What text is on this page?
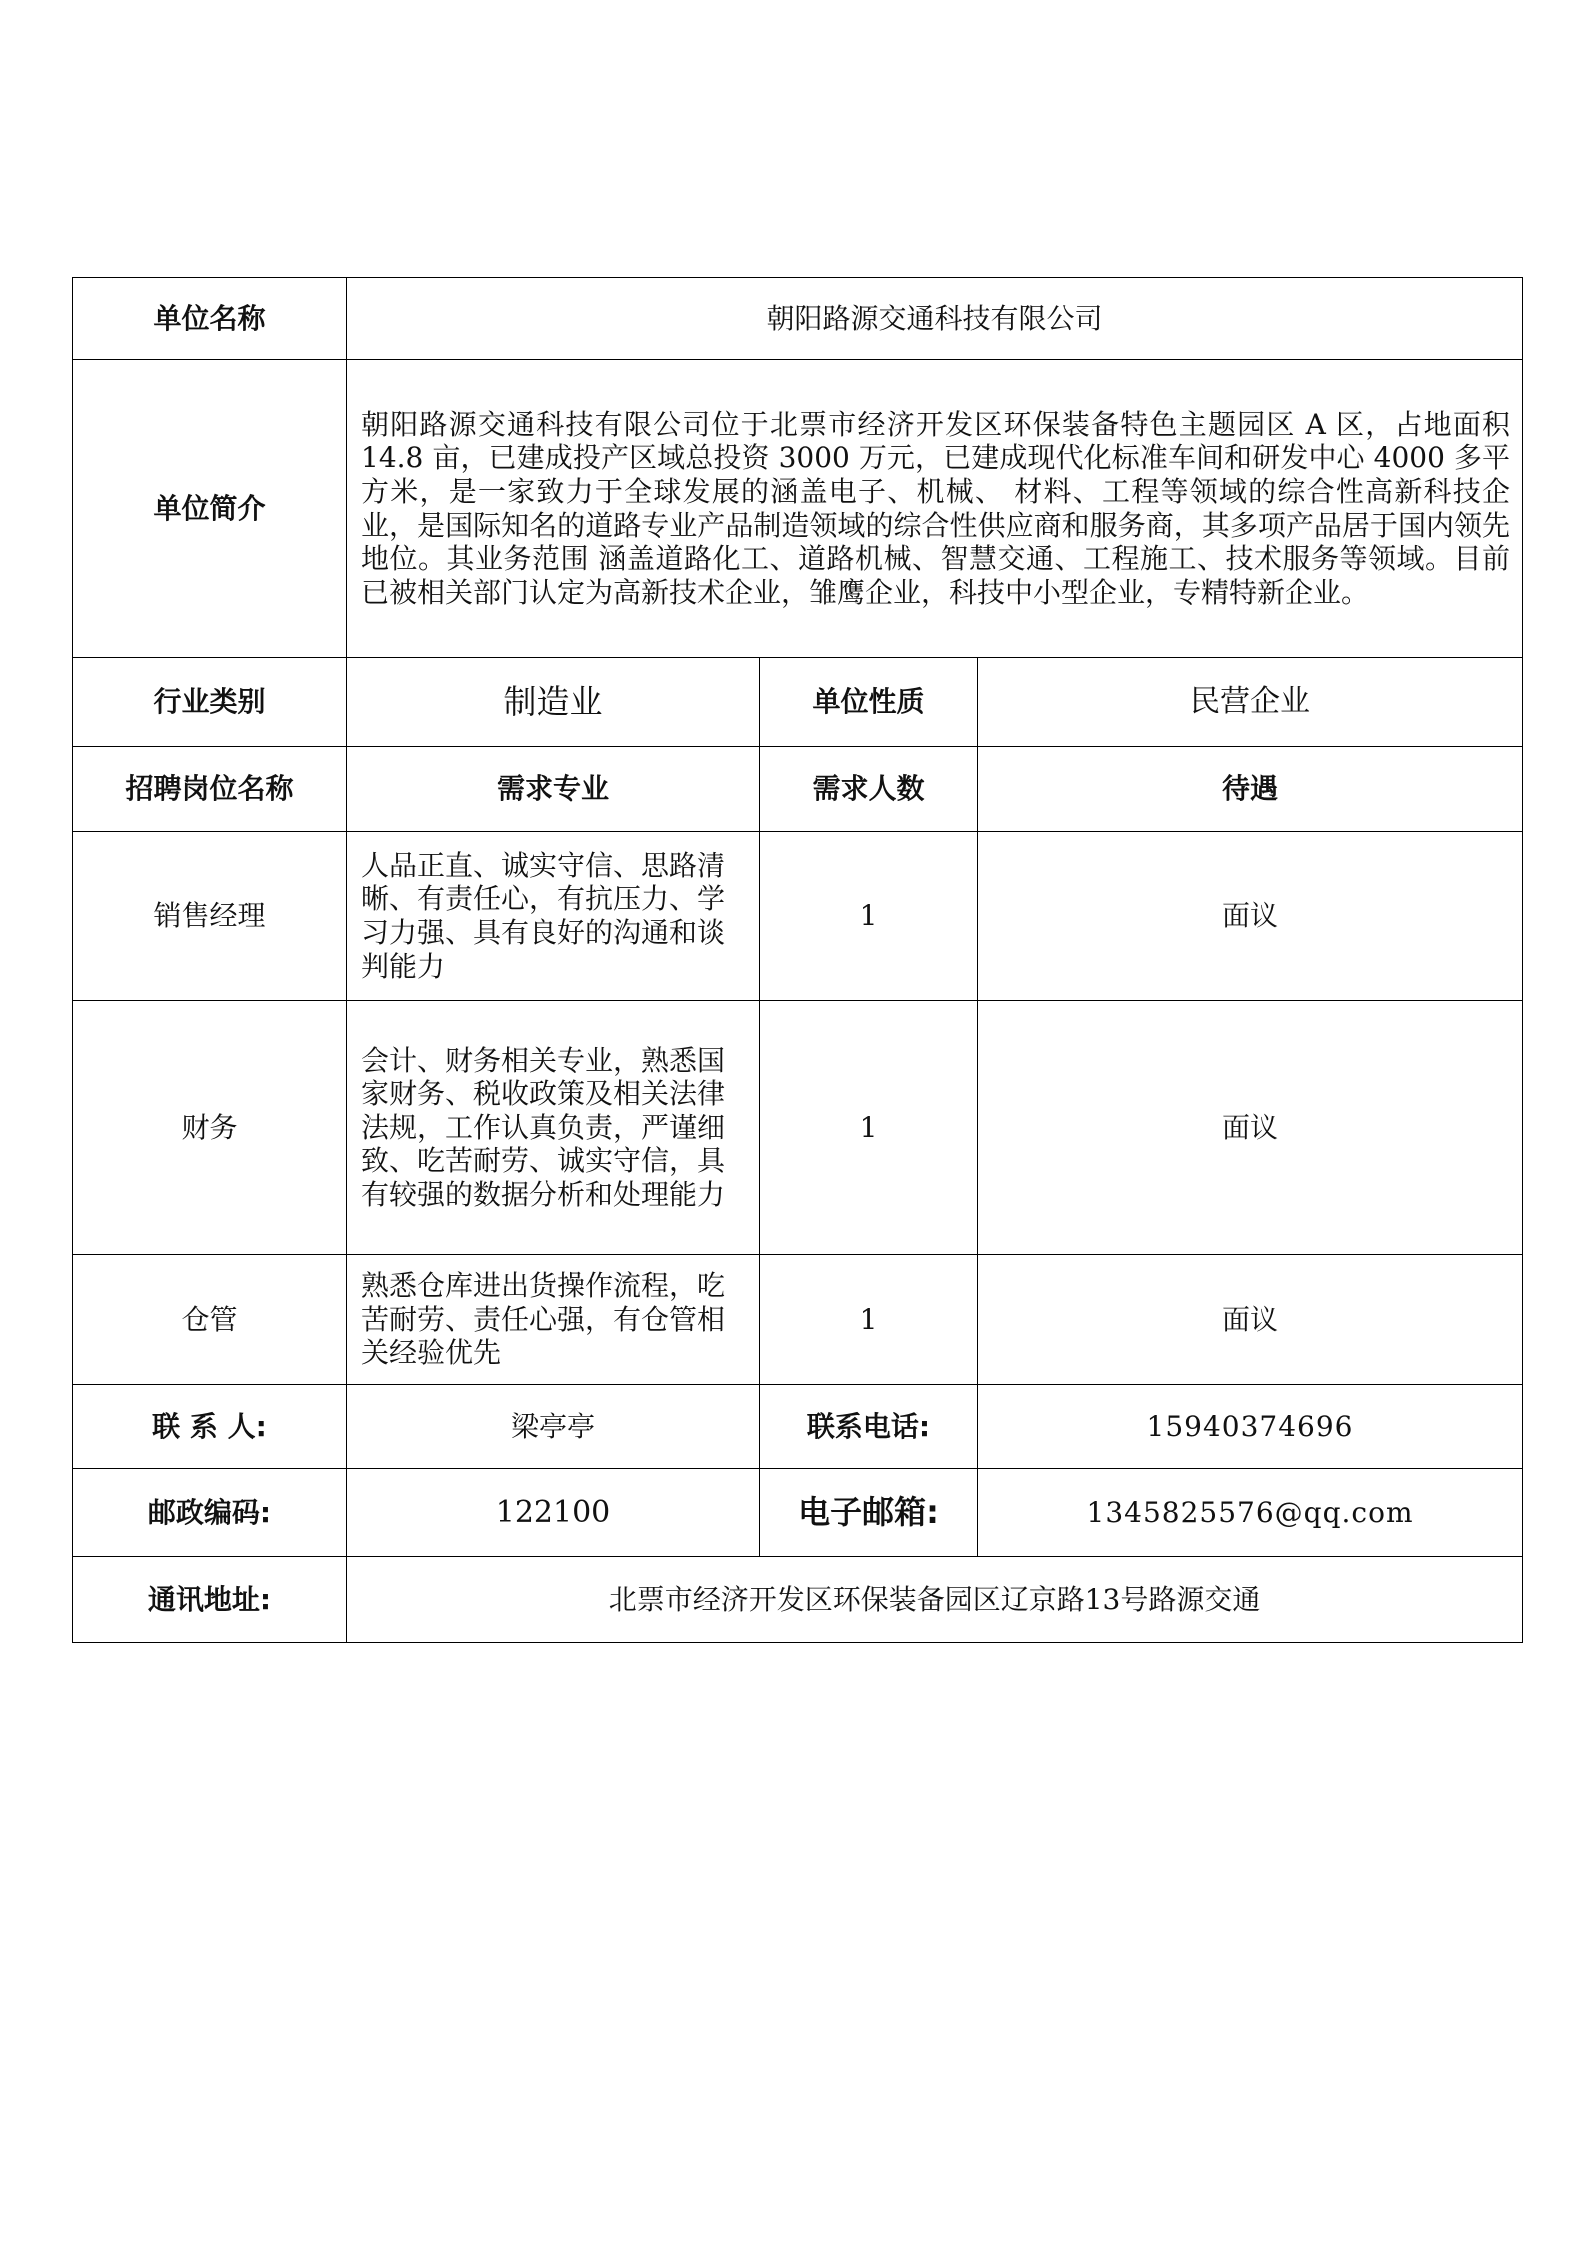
单位名称	朝阳路源交通科技有限公司		
单位简介	朝阳路源交通科技有限公司位于北票市经济开发区环保装备特色主题园区 A 区，占地面积 14.8 亩，已建成投产区域总投资 3000 万元，已建成现代化标准车间和研发中心 4000 多平方米，是一家致力于全球发展的涵盖电子、机械、 材料、工程等领域的综合性高新科技企业，是国际知名的道路专业产品制造领域的综合性供应商和服务商，其多项产品居于国内领先地位。其业务范围 涵盖道路化工、道路机械、智慧交通、工程施工、技术服务等领域。目前已被相关部门认定为高新技术企业，雏鹰企业，科技中小型企业，专精特新企业。		
行业类别	制造业	单位性质	民营企业
招聘岗位名称	需求专业	需求人数	待遇
销售经理	人品正直、诚实守信、思路清晰、有责任心，有抗压力、学习力强、具有良好的沟通和谈判能力	1	面议
财务	会计、财务相关专业，熟悉国家财务、税收政策及相关法律法规，工作认真负责，严谨细致、吃苦耐劳、诚实守信，具有较强的数据分析和处理能力	1	面议
仓管	熟悉仓库进出货操作流程，吃苦耐劳、责任心强，有仓管相关经验优先	1	面议
联 系 人:	梁亭亭	联系电话:	15940374696
邮政编码:	122100	电子邮箱:	1345825576@qq.com
通讯地址:	北票市经济开发区环保装备园区辽京路13号路源交通		
